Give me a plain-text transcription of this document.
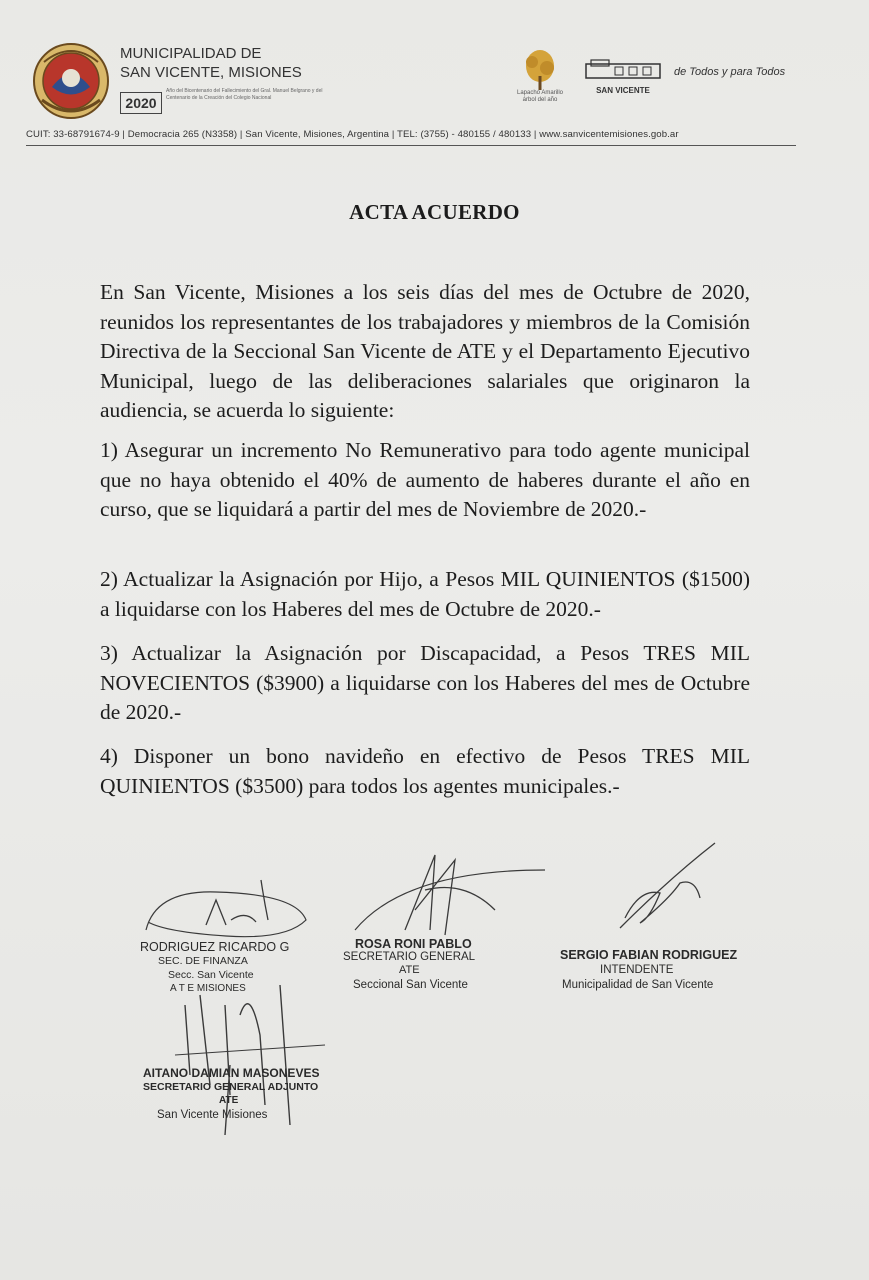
MUNICIPALIDAD DE
SAN VICENTE, MISIONES
2020
Año del Bicentenario del Fallecimiento del Gral. Manuel Belgrano y del Centenario de la Creación del Colegio Nacional
Lapacho Amarillo
árbol del año
SAN VICENTE
de Todos y para Todos
CUIT: 33-68791674-9 | Democracia 265 (N3358) | San Vicente, Misiones, Argentina | TEL: (3755) - 480155 / 480133 | www.sanvicentemisiones.gob.ar
ACTA ACUERDO
En San Vicente, Misiones a los seis días del mes de Octubre de 2020, reunidos los representantes de los trabajadores y miembros de la Comisión Directiva de la Seccional San Vicente de ATE y el Departamento Ejecutivo Municipal, luego de las deliberaciones salariales que originaron la audiencia, se acuerda lo siguiente:
1) Asegurar un incremento No Remunerativo para todo agente municipal que no haya obtenido el 40% de aumento de haberes durante el año en curso, que se liquidará a partir del mes de Noviembre de 2020.-
2) Actualizar la Asignación por Hijo, a Pesos MIL QUINIENTOS ($1500) a liquidarse con los Haberes del mes de Octubre de 2020.-
3) Actualizar la Asignación por Discapacidad, a Pesos TRES MIL NOVECIENTOS ($3900) a liquidarse con los Haberes del mes de Octubre de 2020.-
4) Disponer un bono navideño en efectivo de Pesos TRES MIL QUINIENTOS ($3500) para todos los agentes municipales.-
RODRIGUEZ RICARDO G
SEC. DE FINANZA
Secc. San Vicente
A T E MISIONES
ROSA RONI PABLO
SECRETARIO GENERAL
ATE
Seccional San Vicente
SERGIO FABIAN RODRIGUEZ
INTENDENTE
Municipalidad de San Vicente
AITANO DAMIAN MASONEVES
SECRETARIO GENERAL ADJUNTO
ATE
San Vicente Misiones
